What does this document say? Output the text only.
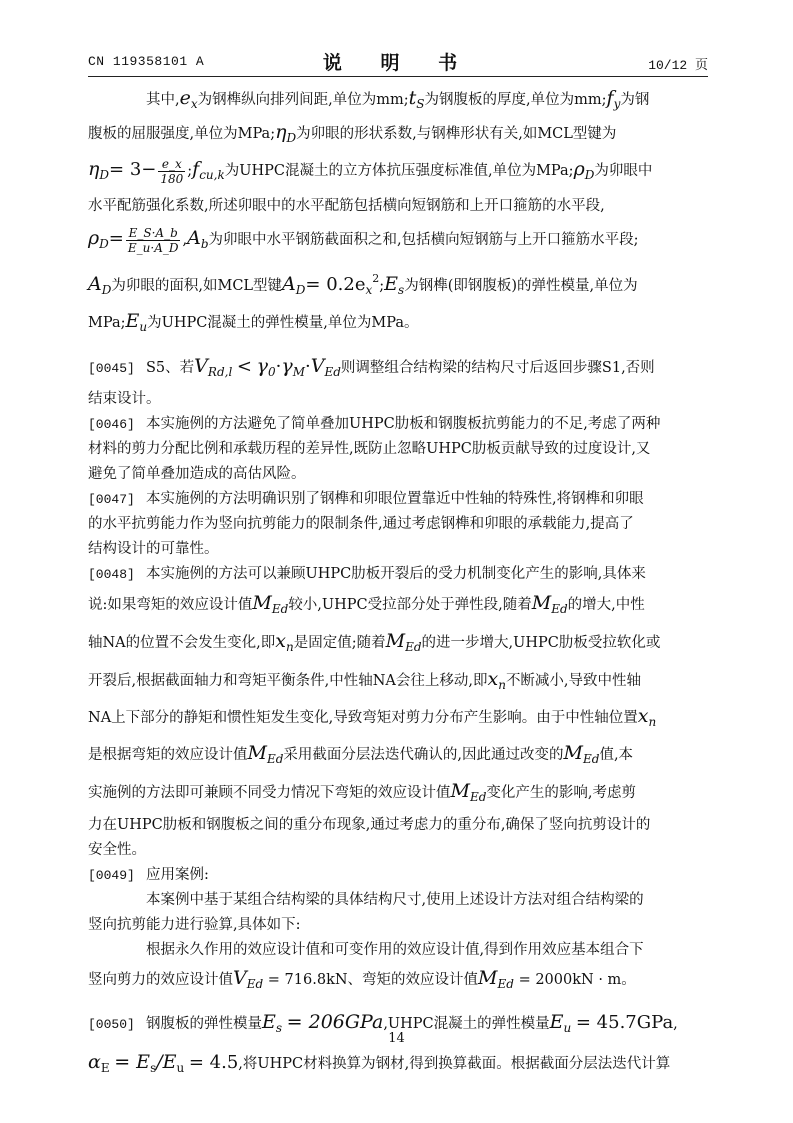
CN 119358101 A	说 明 书	10/12 页

其中$,e_x$为钢榫纵向排列间距,单位为$mm;t_S$为钢腹板的厚度,单位为$mm;f_y$为钢

腹板的屈服强度,单位为$MPa;\eta_D$为卯眼的形状系数,与钢榫形状有关,如MCL型键为

$\eta_D= 3- \frac{e\_x}{180}$ $;f_{cu,k}$为UHPC混凝土的立方体抗压强度标准值,单位为$MPa;\rho_D$为卯眼中

水平配筋强化系数,所述卯眼中的水平配筋包括横向短钢筋和上开口箍筋的水平段,

$\rho_D= \frac{E\_S\cdot A\_b}{E\_u\cdot A\_D} ,A_b$为卯眼中水平钢筋截面积之和,包括横向短钢筋与上开口箍筋水平段;

$A_D$为卯眼的面积,如MCL型键$A_D=$ $0.2e_x^2;E_s$为钢榫(即钢腹板)的弹性模量,单位为

$MPa;E_u$为UHPC混凝土的弹性模量,单位为MPa。

[0045] S5、若$V_{Rd,l} < \gamma_0\cdot\gamma_M\cdot V_{Ed}$则调整组合结构梁的结构尺寸后返回步骤S1,否则

结束设计。

[0046] 本实施例的方法避免了简单叠加UHPC肋板和钢腹板抗剪能力的不足,考虑了两种

材料的剪力分配比例和承载历程的差异性,既防止忽略UHPC肋板贡献导致的过度设计,又

避免了简单叠加造成的高估风险。

[0047] 本实施例的方法明确识别了钢榫和卯眼位置靠近中性轴的特殊性,将钢榫和卯眼

的水平抗剪能力作为竖向抗剪能力的限制条件,通过考虑钢榫和卯眼的承载能力,提高了

结构设计的可靠性。

[0048] 本实施例的方法可以兼顾UHPC肋板开裂后的受力机制变化产生的影响,具体来

说:如果弯矩的效应设计值$M_{Ed}$较小,UHPC受拉部分处于弹性段,随着$M_{Ed}$的增大,中性

轴NA的位置不会发生变化,即$x_n$是固定值;随着$M_{Ed}$的进一步增大,UHPC肋板受拉软化或

开裂后,根据截面轴力和弯矩平衡条件,中性轴NA会往上移动,即$x_n$不断减小,导致中性轴

NA上下部分的静矩和惯性矩发生变化,导致弯矩对剪力分布产生影响。由于中性轴位置$x_n$

是根据弯矩的效应设计值$M_{Ed}$采用截面分层法迭代确认的,因此通过改变的$M_{Ed}$值,本

实施例的方法即可兼顾不同受力情况下弯矩的效应设计值$M_{Ed}$变化产生的影响,考虑剪

力在UHPC肋板和钢腹板之间的重分布现象,通过考虑力的重分布,确保了竖向抗剪设计的

安全性。

[0049] 应用案例:

本案例中基于某组合结构梁的具体结构尺寸,使用上述设计方法对组合结构梁的

竖向抗剪能力进行验算,具体如下:

根据永久作用的效应设计值和可变作用的效应设计值,得到作用效应基本组合下

竖向剪力的效应设计值$V_{Ed} = 716.8kN$、弯矩的效应设计值$M_{Ed} = 2000kN \cdot m$。

[0050] 钢腹板的弹性模量$E_s$ = 206GPa,UHPC混凝土的弹性模量$E_u = 45.7GPa$,

$\alpha_E = E_s/E_u = 4.5$,将UHPC材料换算为钢材,得到换算截面。根据截面分层法迭代计算

14
